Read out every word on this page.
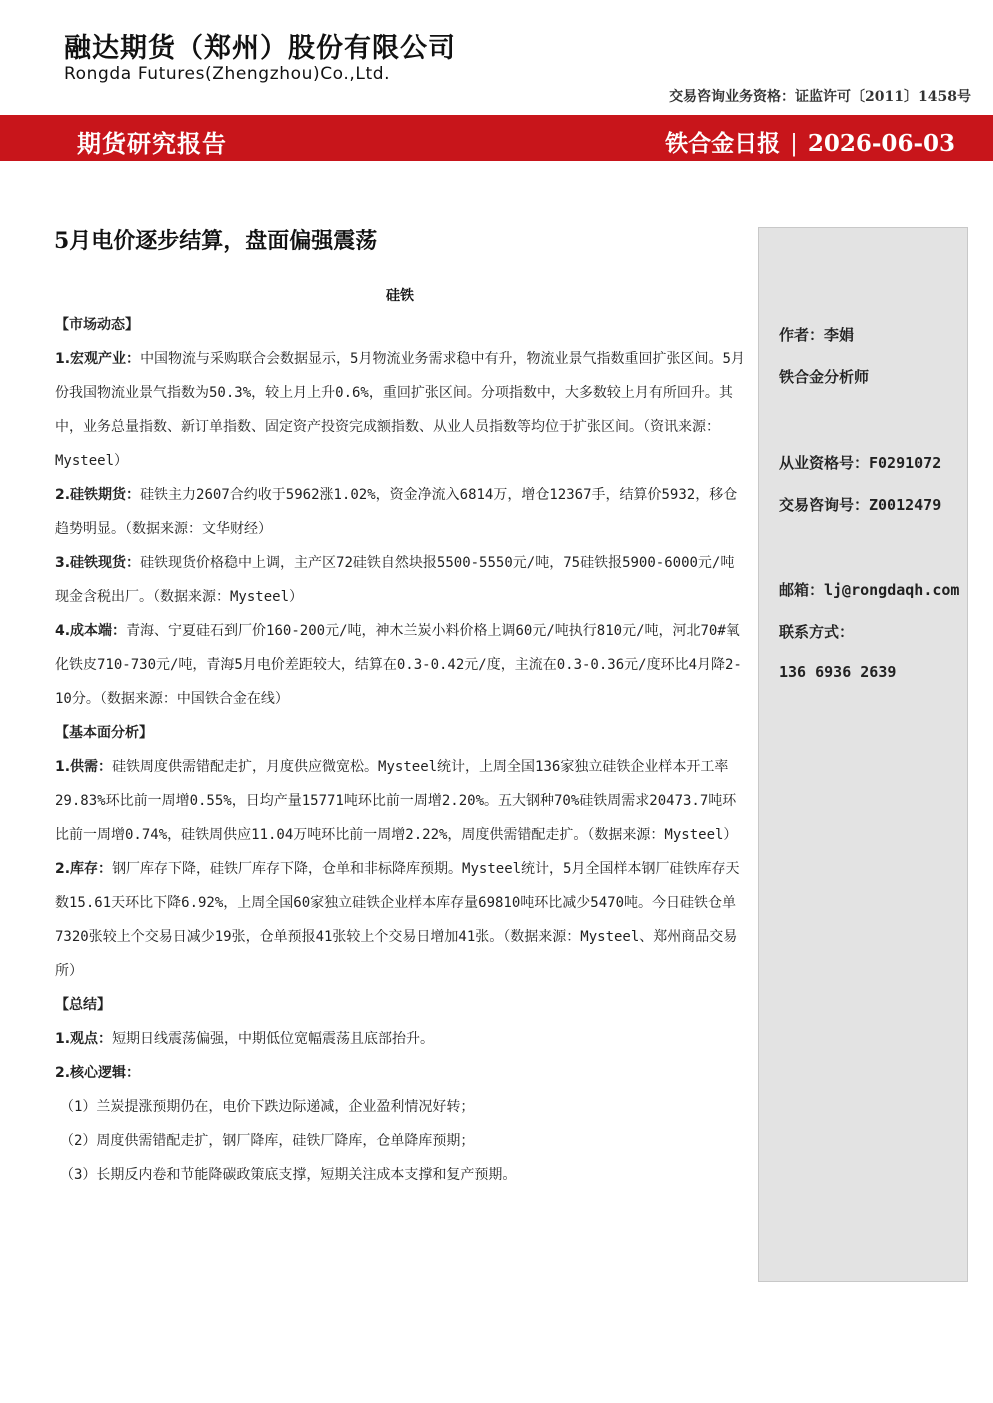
融达期货（郑州）股份有限公司
Rongda Futures(Zhengzhou)Co.,Ltd.
交易咨询业务资格：证监许可〔2011〕1458号
期货研究报告	铁合金日报 | 2026-06-03
5月电价逐步结算，盘面偏强震荡
硅铁

【市场动态】

1.宏观产业：中国物流与采购联合会数据显示，5月物流业务需求稳中有升，物流业景气指数重回扩张区间。5月份我国物流业景气指数为50.3%，较上月上升0.6%，重回扩张区间。分项指数中，大多数较上月有所回升。其中，业务总量指数、新订单指数、固定资产投资完成额指数、从业人员指数等均位于扩张区间。（资讯来源：Mysteel）

2.硅铁期货：硅铁主力2607合约收于5962涨1.02%，资金净流入6814万，增仓12367手，结算价5932，移仓趋势明显。（数据来源：文华财经）

3.硅铁现货：硅铁现货价格稳中上调，主产区72硅铁自然块报5500-5550元/吨，75硅铁报5900-6000元/吨现金含税出厂。（数据来源：Mysteel）

4.成本端：青海、宁夏硅石到厂价160-200元/吨，神木兰炭小料价格上调60元/吨执行810元/吨，河北70#氧化铁皮710-730元/吨，青海5月电价差距较大，结算在0.3-0.42元/度，主流在0.3-0.36元/度环比4月降2-10分。（数据来源：中国铁合金在线）

【基本面分析】

1.供需：硅铁周度供需错配走扩，月度供应微宽松。Mysteel统计，上周全国136家独立硅铁企业样本开工率29.83%环比前一周增0.55%，日均产量15771吨环比前一周增2.20%。五大钢种70%硅铁周需求20473.7吨环比前一周增0.74%，硅铁周供应11.04万吨环比前一周增2.22%，周度供需错配走扩。（数据来源：Mysteel）

2.库存：钢厂库存下降，硅铁厂库存下降，仓单和非标降库预期。Mysteel统计，5月全国样本钢厂硅铁库存天数15.61天环比下降6.92%，上周全国60家独立硅铁企业样本库存量69810吨环比减少5470吨。今日硅铁仓单7320张较上个交易日减少19张，仓单预报41张较上个交易日增加41张。（数据来源：Mysteel、郑州商品交易所）

【总结】

1.观点：短期日线震荡偏强，中期低位宽幅震荡且底部抬升。

2.核心逻辑：

（1）兰炭提涨预期仍在，电价下跌边际递减，企业盈利情况好转；

（2）周度供需错配走扩，钢厂降库，硅铁厂降库，仓单降库预期；

（3）长期反内卷和节能降碳政策底支撑，短期关注成本支撑和复产预期。

作者：李娟
铁合金分析师
从业资格号：F0291072
交易咨询号：Z0012479
邮箱：lj@rongdaqh.com
联系方式：
136 6936 2639
